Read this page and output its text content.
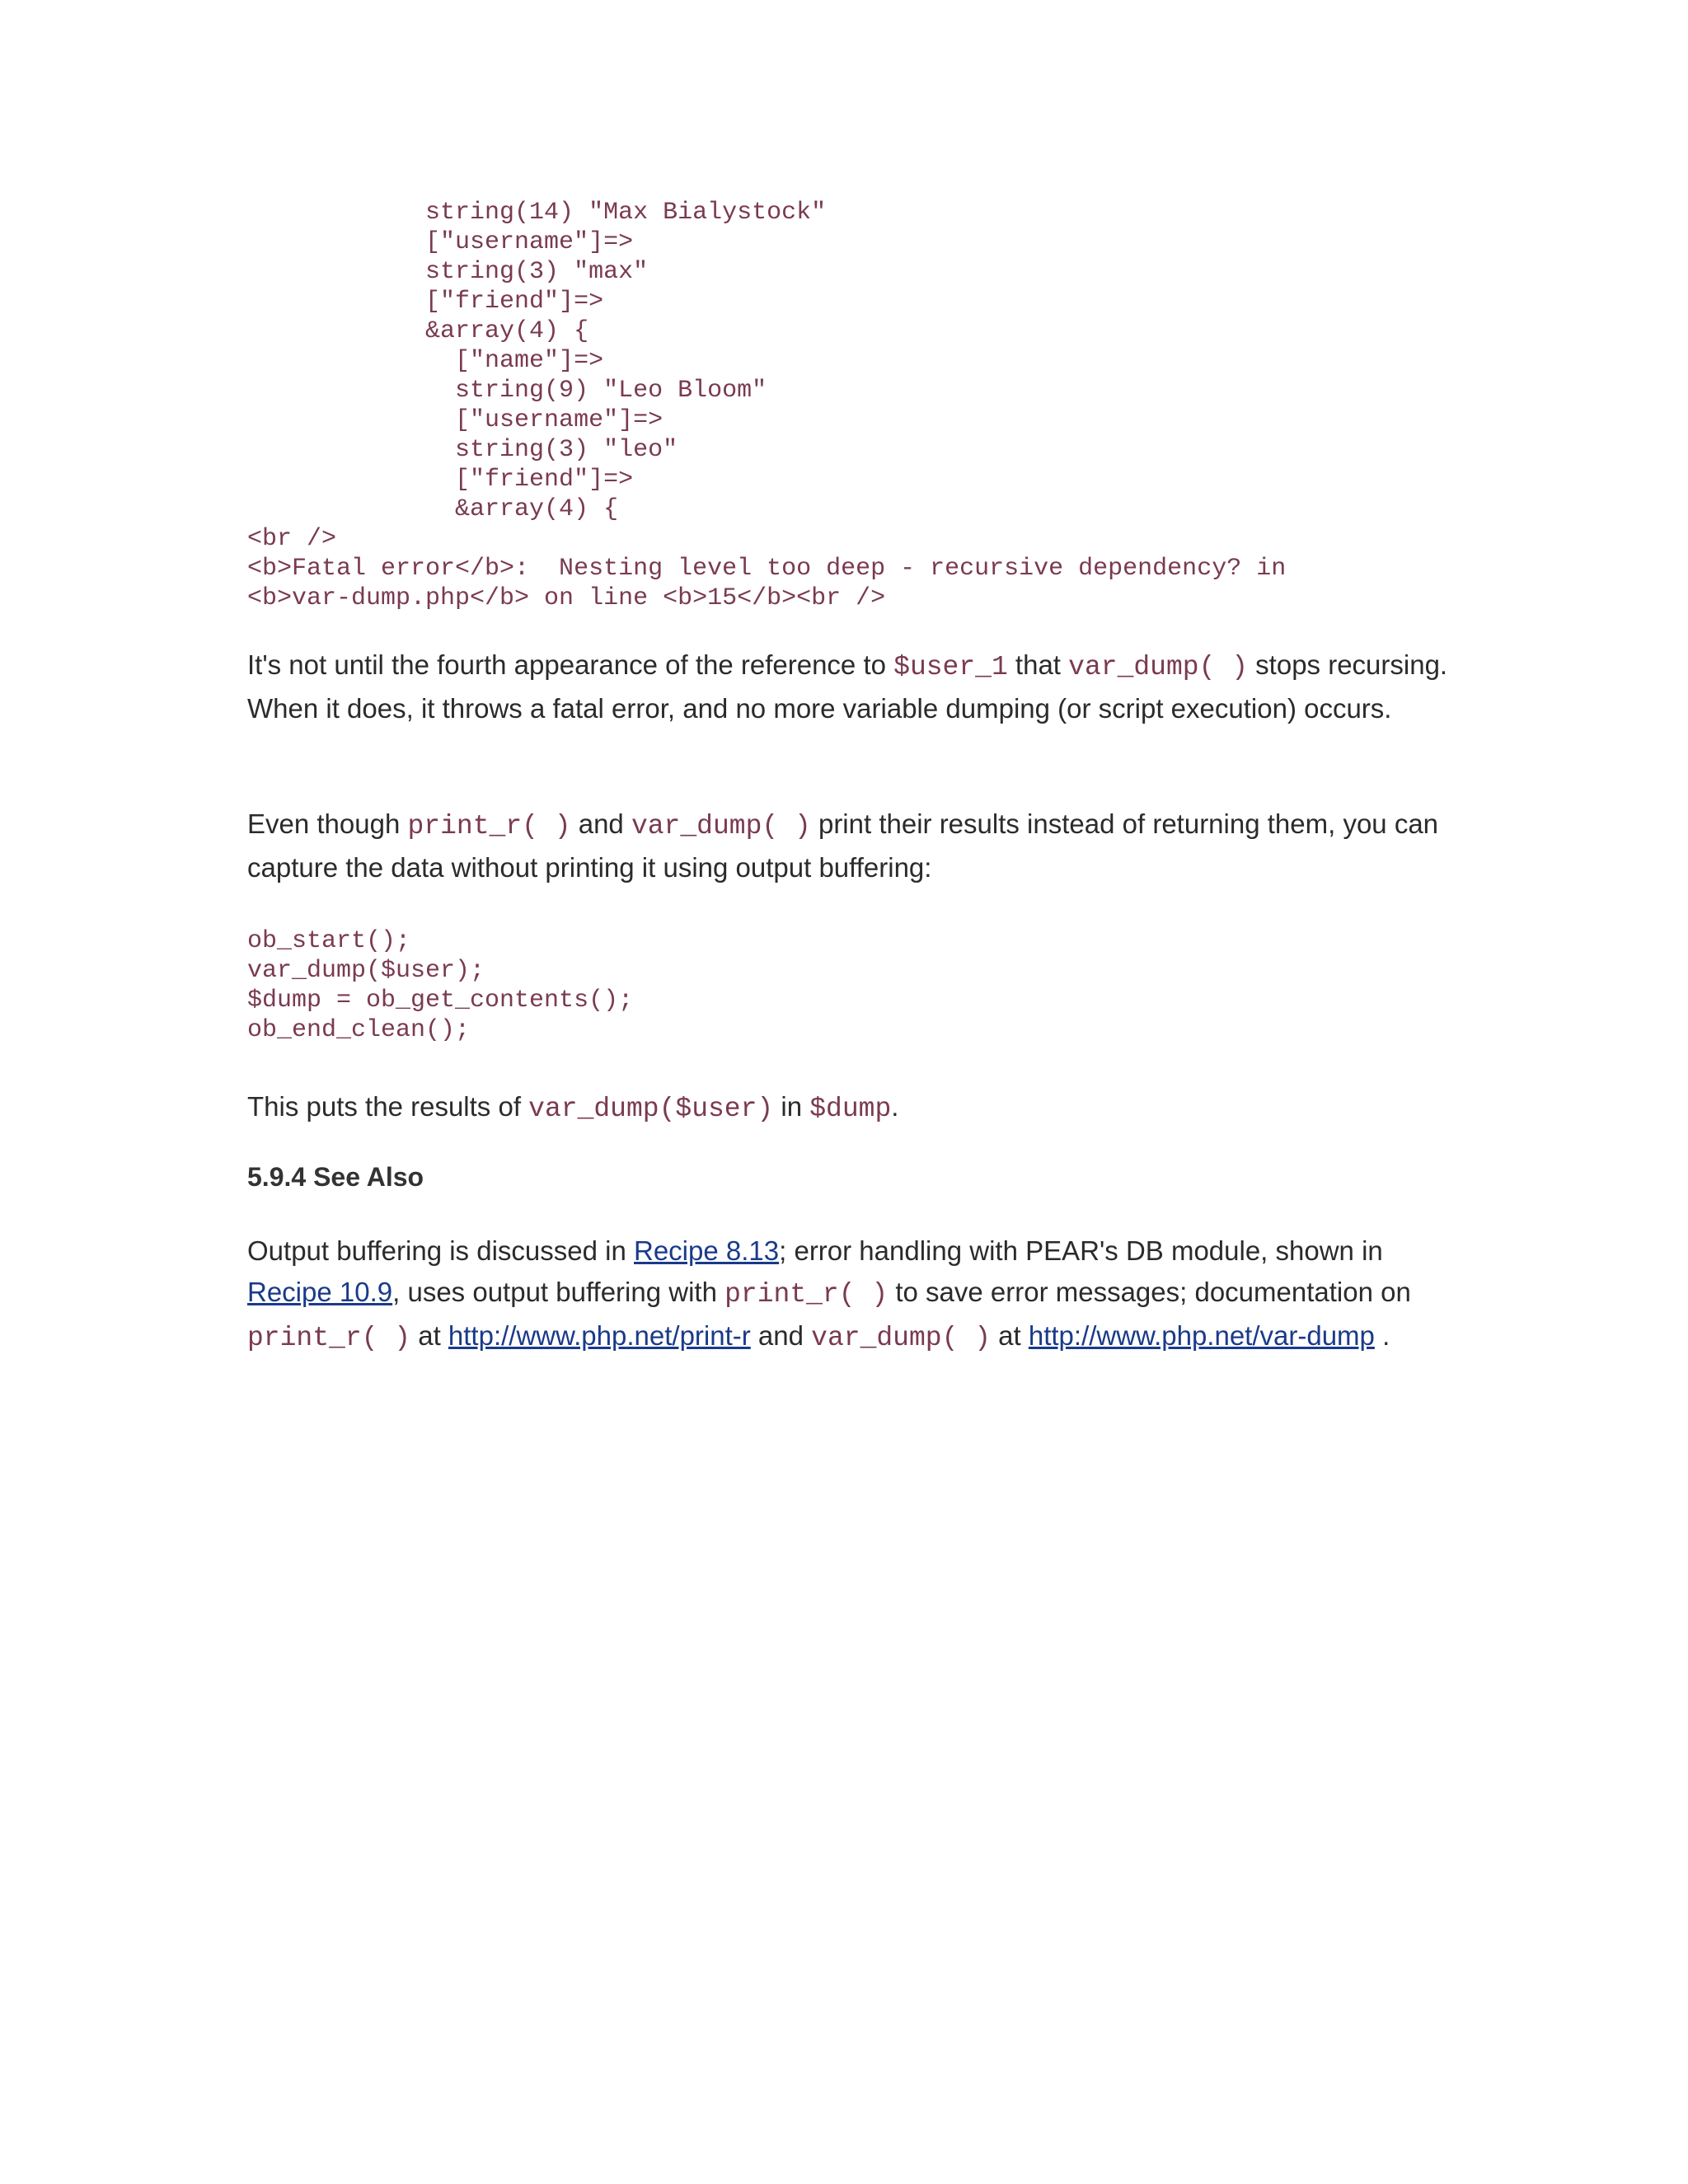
string(14) "Max Bialystock"
["username"]=>
string(3) "max"
["friend"]=>
&array(4) {
["name"]=>
string(9) "Leo Bloom"
["username"]=>
string(3) "leo"
["friend"]=>
&array(4) {
<br />
<b>Fatal error</b>:  Nesting level too deep - recursive dependency? in
<b>var-dump.php</b> on line <b>15</b><br />

It's not until the fourth appearance of the reference to $user_1 that var_dump( ) stops recursing. When it does, it throws a fatal error, and no more variable dumping (or script execution) occurs.

Even though print_r( ) and var_dump( ) print their results instead of returning them, you can capture the data without printing it using output buffering:

ob_start();
var_dump($user);
$dump = ob_get_contents();
ob_end_clean();

This puts the results of var_dump($user) in $dump.

5.9.4 See Also

Output buffering is discussed in Recipe 8.13; error handling with PEAR's DB module, shown in Recipe 10.9, uses output buffering with print_r( ) to save error messages; documentation on print_r( ) at http://www.php.net/print-r and var_dump( ) at http://www.php.net/var-dump .
